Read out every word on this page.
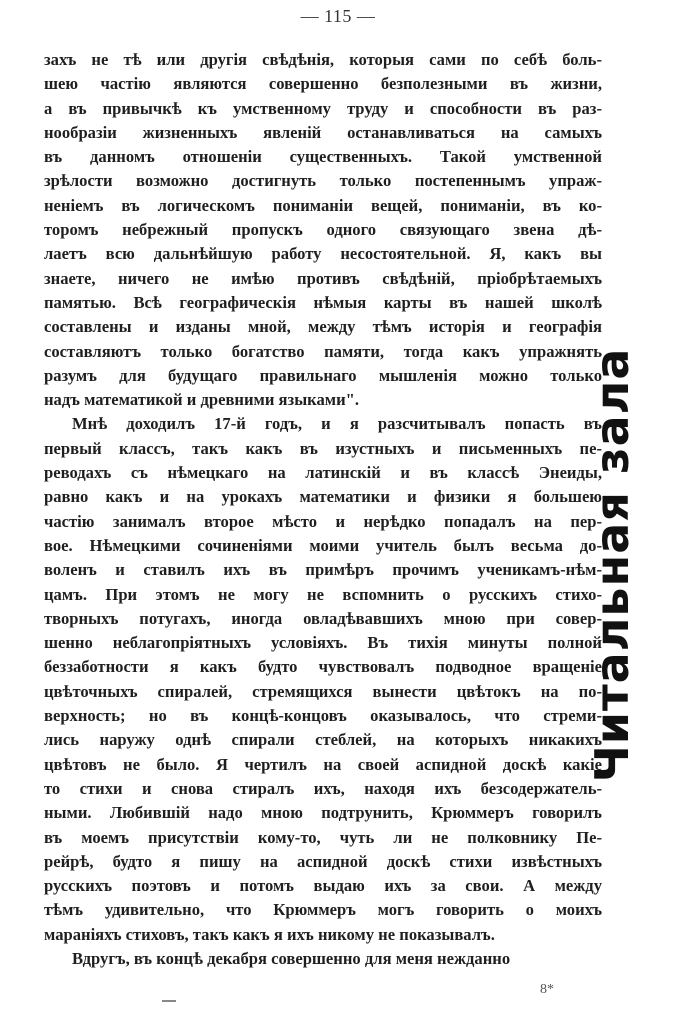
— 115 —
захъ не тѣ или другія свѣдѣнія, которыя сами по себѣ боль-
шею частію являются совершенно безполезными въ жизни,
а въ привычкѣ къ умственному труду и способности въ раз-
нообразіи жизненныхъ явленій останавливаться на самыхъ
въ данномъ отношеніи существенныхъ. Такой умственной
зрѣлости возможно достигнуть только постепеннымъ упраж-
неніемъ въ логическомъ пониманіи вещей, пониманіи, въ ко-
торомъ небрежный пропускъ одного связующаго звена дѣ-
лаетъ всю дальнѣйшую работу несостоятельной. Я, какъ вы
знаете, ничего не имѣю противъ свѣдѣній, пріобрѣтаемыхъ
памятью. Всѣ географическія нѣмыя карты въ нашей школѣ
составлены и изданы мной, между тѣмъ исторія и географія
составляютъ только богатство памяти, тогда какъ упражнять
разумъ для будущаго правильнаго мышленія можно только
надъ математикой и древними языками".
Мнѣ доходилъ 17-й годъ, и я разсчитывалъ попасть въ
первый классъ, такъ какъ въ изустныхъ и письменныхъ пе-
реводахъ съ нѣмецкаго на латинскій и въ классѣ Энеиды,
равно какъ и на урокахъ математики и физики я большею
частію занималъ второе мѣсто и нерѣдко попадалъ на пер-
вое. Нѣмецкими сочиненіями моими учитель былъ весьма до-
воленъ и ставилъ ихъ въ примѣръ прочимъ ученикамъ-нѣм-
цамъ. При этомъ не могу не вспомнить о русскихъ стихо-
творныхъ потугахъ, иногда овладѣвавшихъ мною при совер-
шенно неблагопріятныхъ условіяхъ. Въ тихія минуты полной
беззаботности я какъ будто чувствовалъ подводное вращеніе
цвѣточныхъ спиралей, стремящихся вынести цвѣтокъ на по-
верхность; но въ концѣ-концовъ оказывалось, что стреми-
лись наружу однѣ спирали стеблей, на которыхъ никакихъ
цвѣтовъ не было. Я чертилъ на своей аспидной доскѣ какіе
то стихи и снова стиралъ ихъ, находя ихъ безсодержатель-
ными. Любившій надо мною подтрунить, Крюммеръ говорилъ
въ моемъ присутствіи кому-то, чуть ли не полковнику Пе-
рейрѣ, будто я пишу на аспидной доскѣ стихи извѣстныхъ
русскихъ поэтовъ и потомъ выдаю ихъ за свои. А между
тѣмъ удивительно, что Крюммеръ могъ говорить о моихъ
мараніяхъ стиховъ, такъ какъ я ихъ никому не показывалъ.
Вдругъ, въ концѣ декабря совершенно для меня нежданно
Читальная зала
8*
